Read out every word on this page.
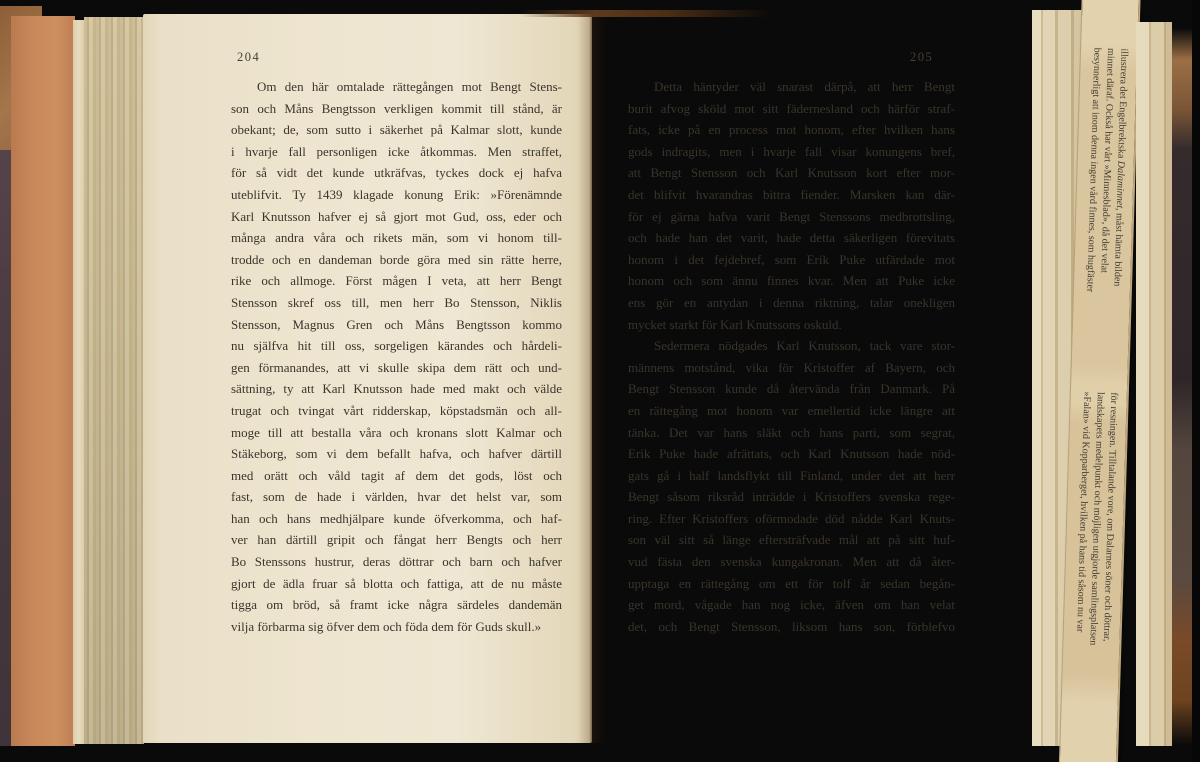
204
Om den här omtalade rättegången mot Bengt Stens-
son och Måns Bengtsson verkligen kommit till stånd, är
obekant; de, som sutto i säkerhet på Kalmar slott, kunde
i hvarje fall personligen icke åtkommas. Men straffet,
för så vidt det kunde utkräfvas, tyckes dock ej hafva
uteblifvit. Ty 1439 klagade konung Erik: »Förenämnde
Karl Knutsson hafver ej så gjort mot Gud, oss, eder och
många andra våra och rikets män, som vi honom till-
trodde och en dandeman borde göra med sin rätte herre,
rike och allmoge. Först mågen I veta, att herr Bengt
Stensson skref oss till, men herr Bo Stensson, Niklis
Stensson, Magnus Gren och Måns Bengtsson kommo
nu själfva hit till oss, sorgeligen kärandes och hårdeli-
gen förmanandes, att vi skulle skipa dem rätt och und-
sättning, ty att Karl Knutsson hade med makt och välde
trugat och tvingat vårt ridderskap, köpstadsmän och all-
moge till att bestalla våra och kronans slott Kalmar och
Stäkeborg, som vi dem befallt hafva, och hafver därtill
med orätt och våld tagit af dem det gods, löst och
fast, som de hade i världen, hvar det helst var, som
han och hans medhjälpare kunde öfverkomma, och haf-
ver han därtill gripit och fångat herr Bengts och herr
Bo Stenssons hustrur, deras döttrar och barn och hafver
gjort de ädla fruar så blotta och fattiga, att de nu måste
tigga om bröd, så framt icke några särdeles dandemän
vilja förbarma sig öfver dem och föda dem för Guds skull.»
205
Detta häntyder väl snarast därpå, att herr Bengt
burit afvog sköld mot sitt fädernesland och härför straf-
fats, icke på en process mot honom, efter hvilken hans
gods indragits, men i hvarje fall visar konungens bref,
att Bengt Stensson och Karl Knutsson kort efter mor-
det blifvit hvarandras bittra fiender. Marsken kan där-
för ej gärna hafva varit Bengt Stenssons medbrottsling,
och hade han det varit, hade detta säkerligen förevitats
honom i det fejdebref, som Erik Puke utfärdade mot
honom och som ännu finnes kvar. Men att Puke icke
ens gör en antydan i denna riktning, talar onekligen
mycket starkt för Karl Knutssons oskuld.
Sedermera nödgades Karl Knutsson, tack vare stor-
männens motstånd, vika för Kristoffer af Bayern, och
Bengt Stensson kunde då återvända från Danmark. På
en rättegång mot honom var emellertid icke längre att
tänka. Det var hans släkt och hans parti, som segrat,
Erik Puke hade afrättats, och Karl Knutsson hade nöd-
gats gå i half landsflykt till Finland, under det att herr
Bengt såsom riksråd inträdde i Kristoffers svenska rege-
ring. Efter Kristoffers oförmodade död nådde Karl Knuts-
son väl sitt så länge eftersträfvade mål att på sitt huf-
vud fästa den svenska kungakronan. Men att då åter-
upptaga en rättegång om ett för tolf år sedan begån-
get mord, vågade han nog icke, äfven om han velat
det, och Bengt Stensson, liksom hans son, förblefvo
besynnerligt att inom denna ingen vård finnes, som hugfäster
minnet däraf. Också har vårt »Minnesblad», då det velat illustrera det Engelbrektska Dalaminnet, måst hämta bilden
»Falan» vid Kopparberget, hvilken på hans tid såsom nu var
landskapets medelpunkt och möjligen utgjorde samlingsplatsen
för resningen. Tilltalande vore, om Dalarnes söner och döttrar,
